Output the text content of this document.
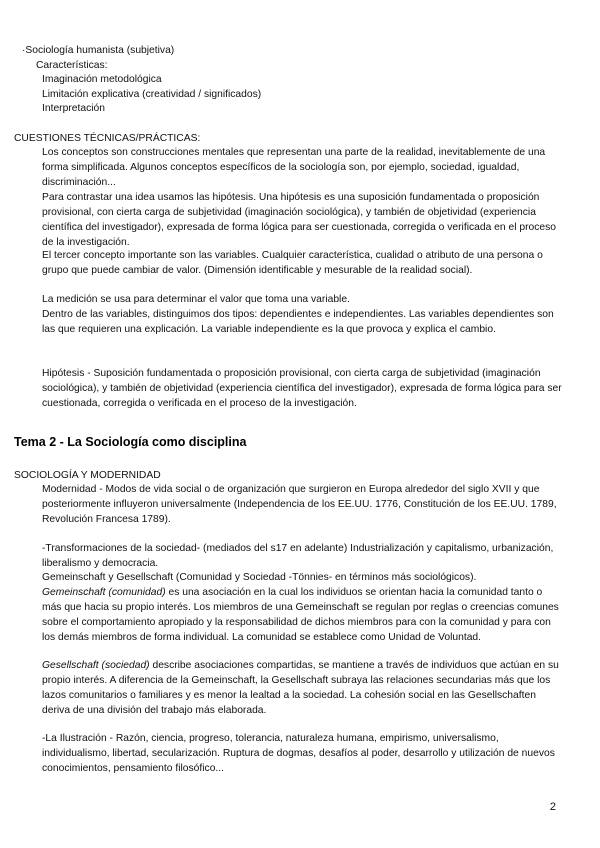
·Sociología humanista (subjetiva)

Características:

Imaginación metodológica

Limitación explicativa (creatividad / significados)

Interpretación

CUESTIONES TÉCNICAS/PRÁCTICAS:

Los conceptos son construcciones mentales que representan una parte de la realidad, inevitablemente de una forma simplificada. Algunos conceptos específicos de la sociología son, por ejemplo, sociedad, igualdad, discriminación...

Para contrastar una idea usamos las hipótesis. Una hipótesis es una suposición fundamentada o proposición provisional, con cierta carga de subjetividad (imaginación sociológica), y también de objetividad (experiencia científica del investigador), expresada de forma lógica para ser cuestionada, corregida o verificada en el proceso de la investigación.

El tercer concepto importante son las variables. Cualquier característica, cualidad o atributo de una persona o grupo que puede cambiar de valor. (Dimensión identificable y mesurable de la realidad social).

La medición se usa para determinar el valor que toma una variable.

Dentro de las variables, distinguimos dos tipos: dependientes e independientes. Las variables dependientes son las que requieren una explicación. La variable independiente es la que provoca y explica el cambio.

Hipótesis - Suposición fundamentada o proposición provisional, con cierta carga de subjetividad (imaginación sociológica), y también de objetividad (experiencia científica del investigador), expresada de forma lógica para ser cuestionada, corregida o verificada en el proceso de la investigación.

Tema 2 - La Sociología como disciplina

SOCIOLOGÍA Y MODERNIDAD

Modernidad - Modos de vida social o de organización que surgieron en Europa alrededor del siglo XVII y que posteriormente influyeron universalmente (Independencia de los EE.UU. 1776, Constitución de los EE.UU. 1789, Revolución Francesa 1789).

-Transformaciones de la sociedad- (mediados del s17 en adelante) Industrialización y capitalismo, urbanización, liberalismo y democracia.

Gemeinschaft y Gesellschaft (Comunidad y Sociedad -Tönnies- en términos más sociológicos).

Gemeinschaft (comunidad) es una asociación en la cual los individuos se orientan hacia la comunidad tanto o más que hacia su propio interés. Los miembros de una Gemeinschaft se regulan por reglas o creencias comunes sobre el comportamiento apropiado y la responsabilidad de dichos miembros para con la comunidad y para con los demás miembros de forma individual. La comunidad se establece como Unidad de Voluntad.

Gesellschaft (sociedad) describe asociaciones compartidas, se mantiene a través de individuos que actúan en su propio interés. A diferencia de la Gemeinschaft, la Gesellschaft subraya las relaciones secundarias más que los lazos comunitarios o familiares y es menor la lealtad a la sociedad. La cohesión social en las Gesellschaften deriva de una división del trabajo más elaborada.

-La Ilustración - Razón, ciencia, progreso, tolerancia, naturaleza humana, empirismo, universalismo, individualismo, libertad, secularización. Ruptura de dogmas, desafíos al poder, desarrollo y utilización de nuevos conocimientos, pensamiento filosófico...

2
